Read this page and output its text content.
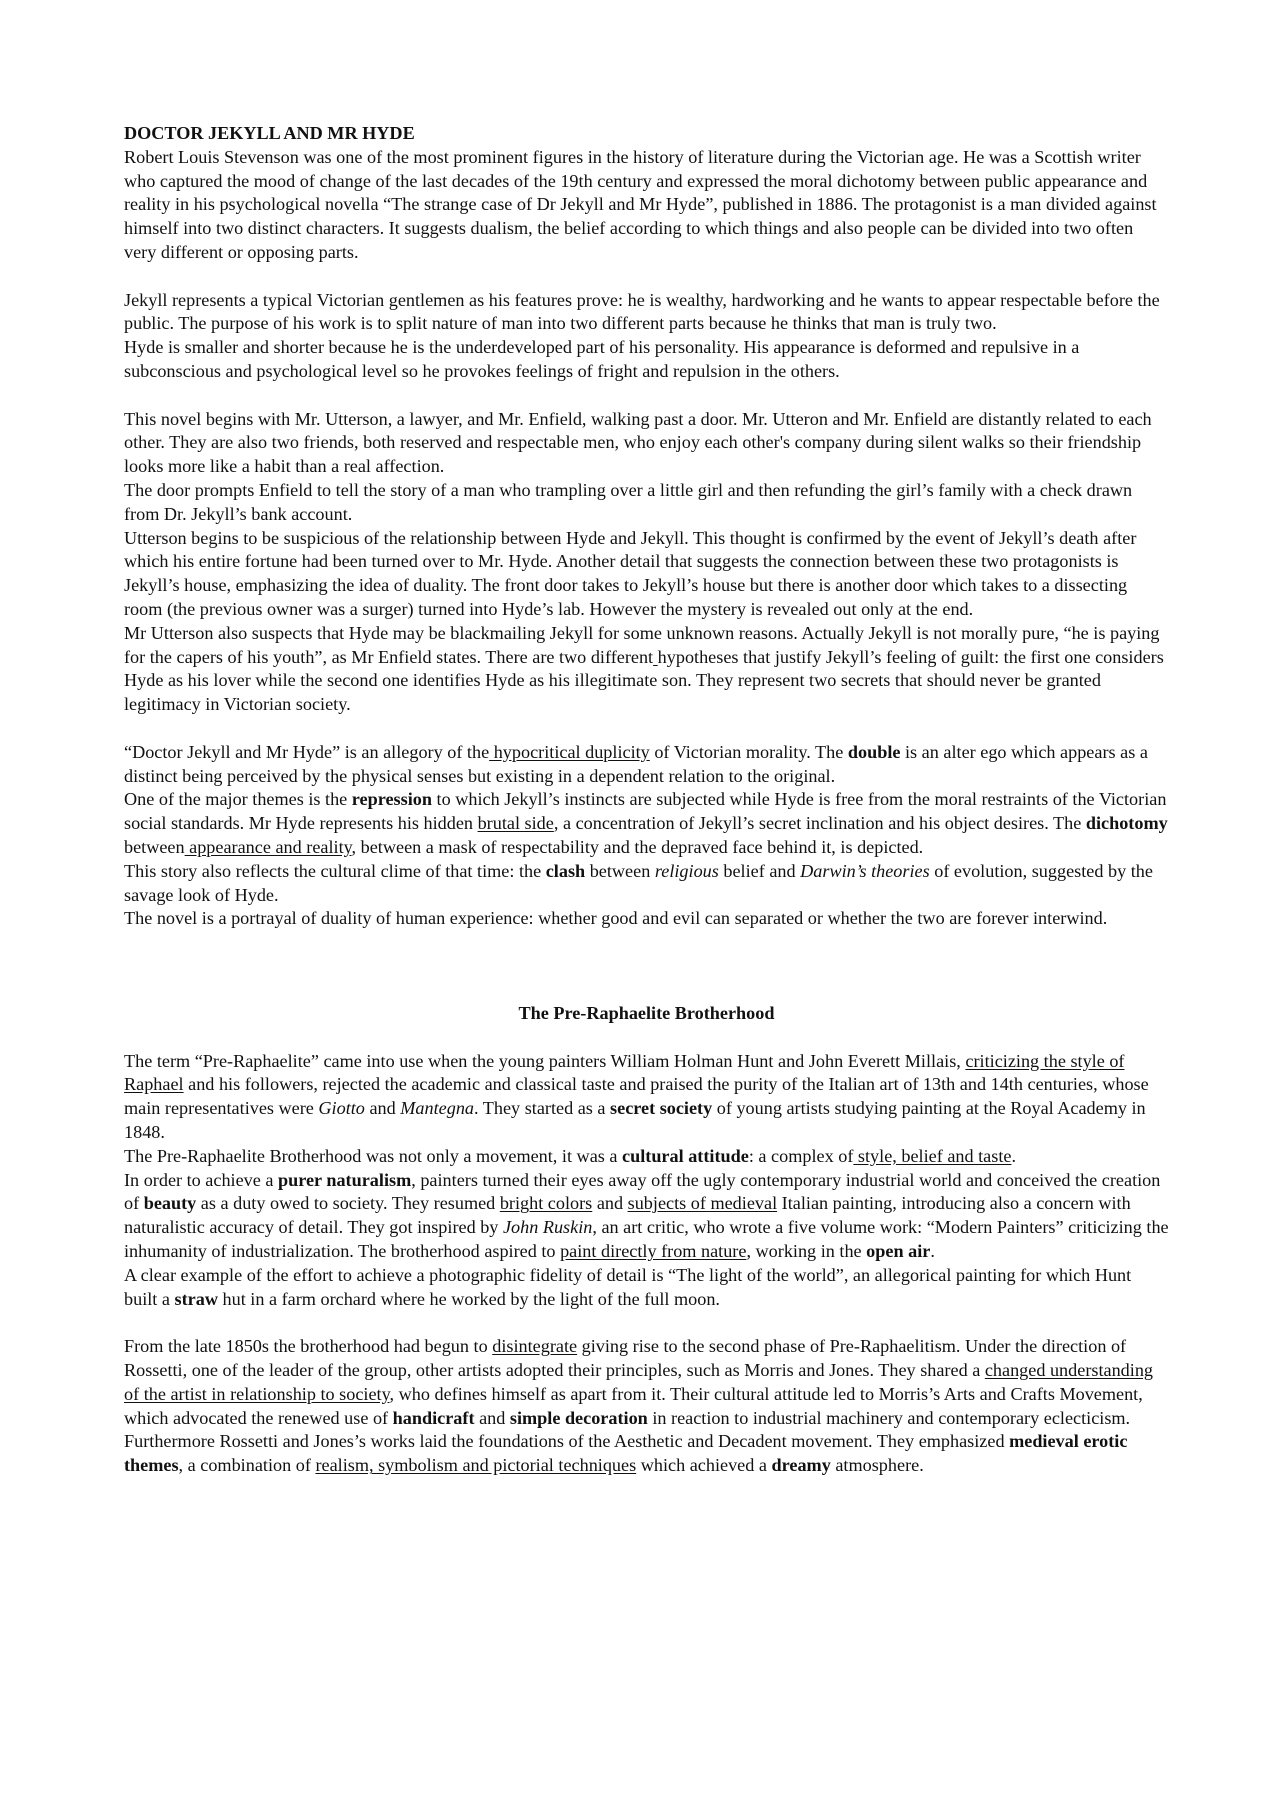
DOCTOR JEKYLL AND MR HYDE

Robert Louis Stevenson was one of the most prominent figures in the history of literature during the Victorian age. He was a Scottish writer who captured the mood of change of the last decades of the 19th century and expressed the moral dichotomy between public appearance and reality in his psychological novella “The strange case of Dr Jekyll and Mr Hyde”, published in 1886. The protagonist is a man divided against himself into two distinct characters. It suggests dualism, the belief according to which things and also people can be divided into two often very different or opposing parts.

Jekyll represents a typical Victorian gentlemen as his features prove: he is wealthy, hardworking and he wants to appear respectable before the public. The purpose of his work is to split nature of man into two different parts because he thinks that man is truly two.

Hyde is smaller and shorter because he is the underdeveloped part of his personality. His appearance is deformed and repulsive in a subconscious and psychological level so he provokes feelings of fright and repulsion in the others.

This novel begins with Mr. Utterson, a lawyer, and Mr. Enfield, walking past a door. Mr. Utteron and Mr. Enfield are distantly related to each other. They are also two friends, both reserved and respectable men, who enjoy each other's company during silent walks so their friendship looks more like a habit than a real affection.

The door prompts Enfield to tell the story of a man who trampling over a little girl and then refunding the girl’s family with a check drawn from Dr. Jekyll’s bank account.

Utterson begins to be suspicious of the relationship between Hyde and Jekyll. This thought is confirmed by the event of Jekyll’s death after which his entire fortune had been turned over to Mr. Hyde. Another detail that suggests the connection between these two protagonists is Jekyll’s house, emphasizing the idea of duality. The front door takes to Jekyll’s house but there is another door which takes to a dissecting room (the previous owner was a surger) turned into Hyde’s lab. However the mystery is revealed out only at the end.

Mr Utterson also suspects that Hyde may be blackmailing Jekyll for some unknown reasons. Actually Jekyll is not morally pure, “he is paying for the capers of his youth”, as Mr Enfield states. There are two different hypotheses that justify Jekyll’s feeling of guilt: the first one considers Hyde as his lover while the second one identifies Hyde as his illegitimate son. They represent two secrets that should never be granted legitimacy in Victorian society.

“Doctor Jekyll and Mr Hyde” is an allegory of the hypocritical duplicity of Victorian morality. The double is an alter ego which appears as a distinct being perceived by the physical senses but existing in a dependent relation to the original.

One of the major themes is the repression to which Jekyll’s instincts are subjected while Hyde is free from the moral restraints of the Victorian social standards. Mr Hyde represents his hidden brutal side, a concentration of Jekyll’s secret inclination and his object desires. The dichotomy between appearance and reality, between a mask of respectability and the depraved face behind it, is depicted.

This story also reflects the cultural clime of that time: the clash between religious belief and Darwin’s theories of evolution, suggested by the savage look of Hyde.

The novel is a portrayal of duality of human experience: whether good and evil can separated or whether the two are forever interwind.

The Pre-Raphaelite Brotherhood

The term “Pre-Raphaelite” came into use when the young painters William Holman Hunt and John Everett Millais, criticizing the style of Raphael and his followers, rejected the academic and classical taste and praised the purity of the Italian art of 13th and 14th centuries, whose main representatives were Giotto and Mantegna. They started as a secret society of young artists studying painting at the Royal Academy in 1848.

The Pre-Raphaelite Brotherhood was not only a movement, it was a cultural attitude: a complex of style, belief and taste.

In order to achieve a purer naturalism, painters turned their eyes away off the ugly contemporary industrial world and conceived the creation of beauty as a duty owed to society. They resumed bright colors and subjects of medieval Italian painting, introducing also a concern with naturalistic accuracy of detail. They got inspired by John Ruskin, an art critic, who wrote a five volume work: “Modern Painters” criticizing the inhumanity of industrialization. The brotherhood aspired to paint directly from nature, working in the open air.

A clear example of the effort to achieve a photographic fidelity of detail is “The light of the world”, an allegorical painting for which Hunt built a straw hut in a farm orchard where he worked by the light of the full moon.

From the late 1850s the brotherhood had begun to disintegrate giving rise to the second phase of Pre-Raphaelitism. Under the direction of Rossetti, one of the leader of the group, other artists adopted their principles, such as Morris and Jones. They shared a changed understanding of the artist in relationship to society, who defines himself as apart from it. Their cultural attitude led to Morris’s Arts and Crafts Movement, which advocated the renewed use of handicraft and simple decoration in reaction to industrial machinery and contemporary eclecticism. Furthermore Rossetti and Jones’s works laid the foundations of the Aesthetic and Decadent movement. They emphasized medieval erotic themes, a combination of realism, symbolism and pictorial techniques which achieved a dreamy atmosphere.
